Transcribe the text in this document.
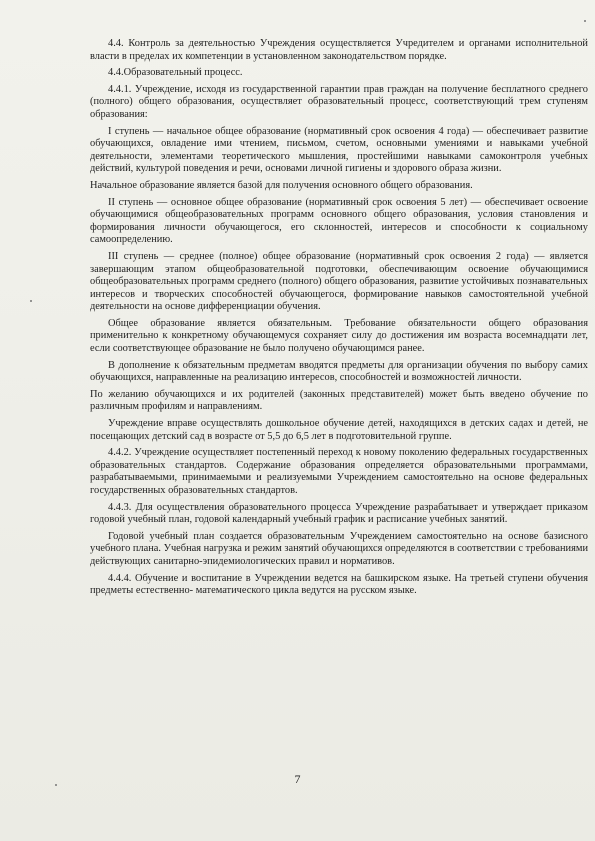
4.4. Контроль за деятельностью Учреждения осуществляется Учредителем и органами исполнительной власти в пределах их компетенции в установленном законодательством порядке.

4.4.Образовательный процесс.

4.4.1. Учреждение, исходя из государственной гарантии прав граждан на получение бесплатного среднего (полного) общего образования, осуществляет образовательный процесс, соответствующий трем ступеням образования:

I ступень — начальное общее образование (нормативный срок освоения 4 года) — обеспечивает развитие обучающихся, овладение ими чтением, письмом, счетом, основными умениями и навыками учебной деятельности, элементами теоретического мышления, простейшими навыками самоконтроля учебных действий, культурой поведения и речи, основами личной гигиены и здорового образа жизни.

Начальное образование является базой для получения основного общего образования.

II ступень — основное общее образование (нормативный срок освоения 5 лет) — обеспечивает освоение обучающимися общеобразовательных программ основного общего образования, условия становления и формирования личности обучающегося, его склонностей, интересов и способности к социальному самоопределению.

III ступень — среднее (полное) общее образование (нормативный срок освоения 2 года) — является завершающим этапом общеобразовательной подготовки, обеспечивающим освоение обучающимися общеобразовательных программ среднего (полного) общего образования, развитие устойчивых познавательных интересов и творческих способностей обучающегося, формирование навыков самостоятельной учебной деятельности на основе дифференциации обучения.

Общее образование является обязательным. Требование обязательности общего образования применительно к конкретному обучающемуся сохраняет силу до достижения им возраста восемнадцати лет, если соответствующее образование не было получено обучающимся ранее.

В дополнение к обязательным предметам вводятся предметы для организации обучения по выбору самих обучающихся, направленные на реализацию интересов, способностей и возможностей личности.

По желанию обучающихся и их родителей (законных представителей) может быть введено обучение по различным профилям и направлениям.

Учреждение вправе осуществлять дошкольное обучение детей, находящихся в детских садах и детей, не посещающих детский сад в возрасте от 5,5 до 6,5 лет в подготовительной группе.

4.4.2. Учреждение осуществляет постепенный переход к новому поколению федеральных государственных образовательных стандартов. Содержание образования определяется образовательными программами, разрабатываемыми, принимаемыми и реализуемыми Учреждением самостоятельно на основе федеральных государственных образовательных стандартов.

4.4.3. Для осуществления образовательного процесса Учреждение разрабатывает и утверждает приказом годовой учебный план, годовой календарный учебный график и расписание учебных занятий.

Годовой учебный план создается образовательным Учреждением самостоятельно на основе базисного учебного плана. Учебная нагрузка и режим занятий обучающихся определяются в соответствии с требованиями действующих санитарно-эпидемиологических правил и нормативов.

4.4.4. Обучение и воспитание в Учреждении ведется на башкирском языке. На третьей ступени обучения предметы естественно- математического цикла ведутся на русском языке.

7
